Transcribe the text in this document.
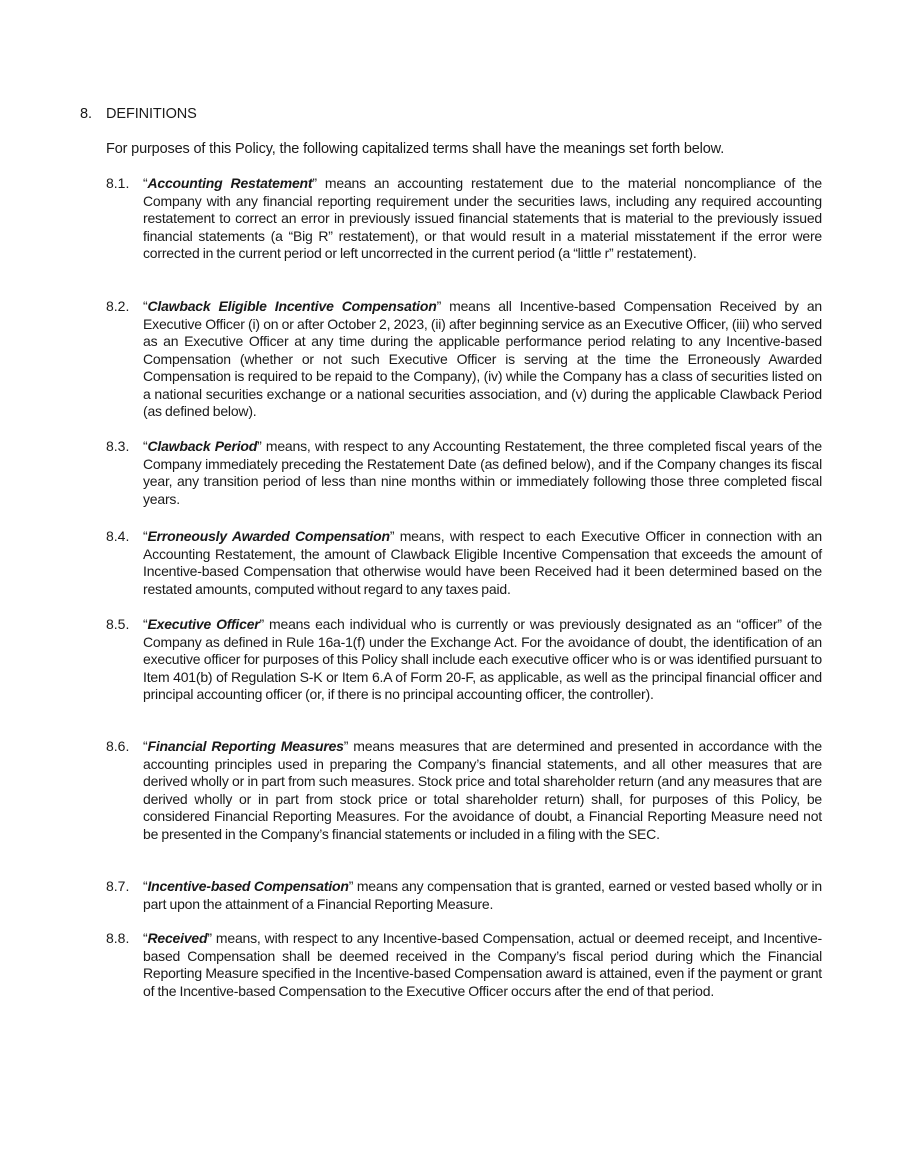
8. DEFINITIONS
For purposes of this Policy, the following capitalized terms shall have the meanings set forth below.
8.1. “Accounting Restatement” means an accounting restatement due to the material noncompliance of the Company with any financial reporting requirement under the securities laws, including any required accounting restatement to correct an error in previously issued financial statements that is material to the previously issued financial statements (a “Big R” restatement), or that would result in a material misstatement if the error were corrected in the current period or left uncorrected in the current period (a “little r” restatement).
8.2. “Clawback Eligible Incentive Compensation” means all Incentive-based Compensation Received by an Executive Officer (i) on or after October 2, 2023, (ii) after beginning service as an Executive Officer, (iii) who served as an Executive Officer at any time during the applicable performance period relating to any Incentive-based Compensation (whether or not such Executive Officer is serving at the time the Erroneously Awarded Compensation is required to be repaid to the Company), (iv) while the Company has a class of securities listed on a national securities exchange or a national securities association, and (v) during the applicable Clawback Period (as defined below).
8.3. “Clawback Period” means, with respect to any Accounting Restatement, the three completed fiscal years of the Company immediately preceding the Restatement Date (as defined below), and if the Company changes its fiscal year, any transition period of less than nine months within or immediately following those three completed fiscal years.
8.4. “Erroneously Awarded Compensation” means, with respect to each Executive Officer in connection with an Accounting Restatement, the amount of Clawback Eligible Incentive Compensation that exceeds the amount of Incentive-based Compensation that otherwise would have been Received had it been determined based on the restated amounts, computed without regard to any taxes paid.
8.5. “Executive Officer” means each individual who is currently or was previously designated as an “officer” of the Company as defined in Rule 16a-1(f) under the Exchange Act. For the avoidance of doubt, the identification of an executive officer for purposes of this Policy shall include each executive officer who is or was identified pursuant to Item 401(b) of Regulation S-K or Item 6.A of Form 20-F, as applicable, as well as the principal financial officer and principal accounting officer (or, if there is no principal accounting officer, the controller).
8.6. “Financial Reporting Measures” means measures that are determined and presented in accordance with the accounting principles used in preparing the Company’s financial statements, and all other measures that are derived wholly or in part from such measures. Stock price and total shareholder return (and any measures that are derived wholly or in part from stock price or total shareholder return) shall, for purposes of this Policy, be considered Financial Reporting Measures. For the avoidance of doubt, a Financial Reporting Measure need not be presented in the Company’s financial statements or included in a filing with the SEC.
8.7. “Incentive-based Compensation” means any compensation that is granted, earned or vested based wholly or in part upon the attainment of a Financial Reporting Measure.
8.8. “Received” means, with respect to any Incentive-based Compensation, actual or deemed receipt, and Incentive-based Compensation shall be deemed received in the Company’s fiscal period during which the Financial Reporting Measure specified in the Incentive-based Compensation award is attained, even if the payment or grant of the Incentive-based Compensation to the Executive Officer occurs after the end of that period.
